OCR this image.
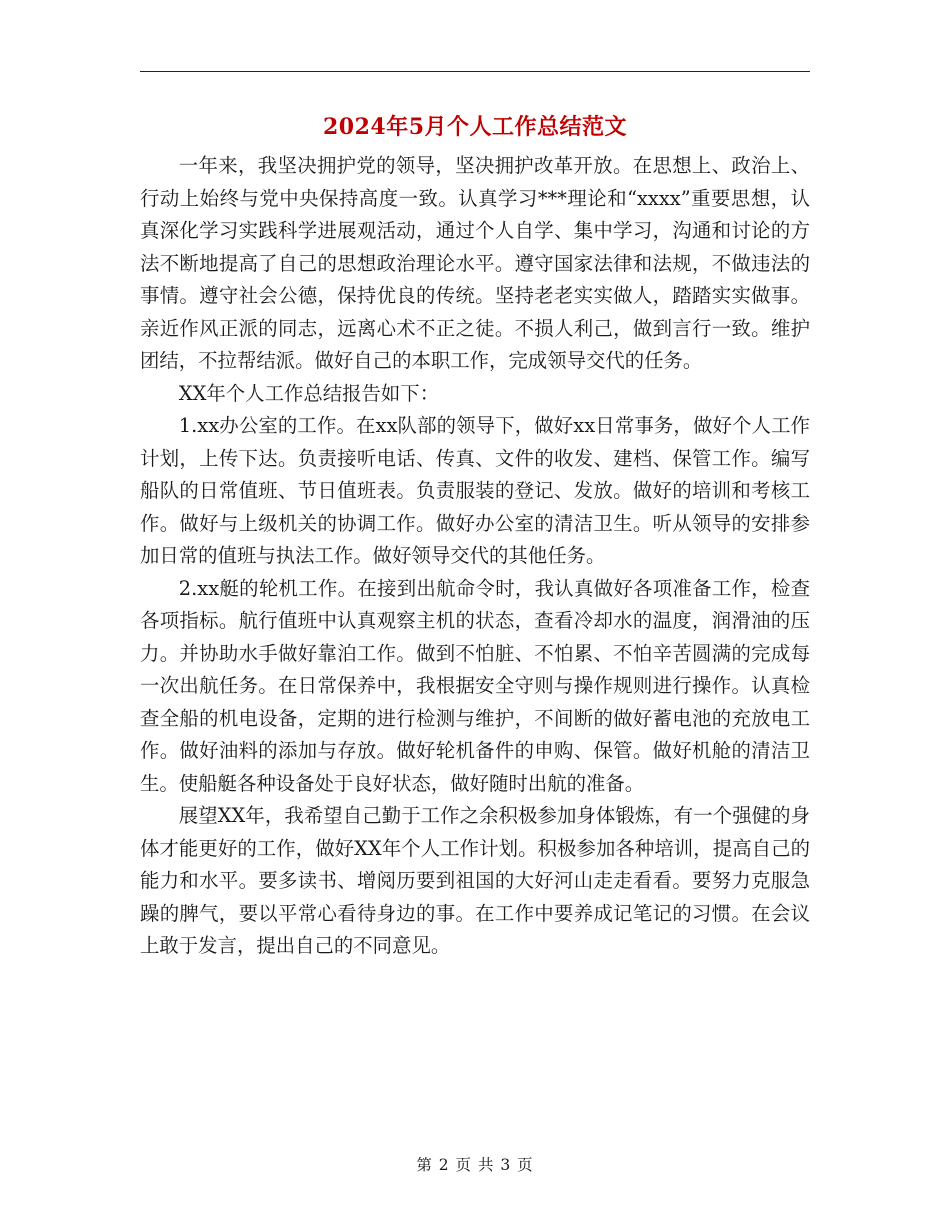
2024年5月个人工作总结范文

一年来，我坚决拥护党的领导，坚决拥护改革开放。在思想上、政治上、行动上始终与党中央保持高度一致。认真学习***理论和“xxxx”重要思想，认真深化学习实践科学进展观活动，通过个人自学、集中学习，沟通和讨论的方法不断地提高了自己的思想政治理论水平。遵守国家法律和法规，不做违法的事情。遵守社会公德，保持优良的传统。坚持老老实实做人，踏踏实实做事。亲近作风正派的同志，远离心术不正之徒。不损人利己，做到言行一致。维护团结，不拉帮结派。做好自己的本职工作，完成领导交代的任务。

XX年个人工作总结报告如下：

1.xx办公室的工作。在xx队部的领导下，做好xx日常事务，做好个人工作计划，上传下达。负责接听电话、传真、文件的收发、建档、保管工作。编写船队的日常值班、节日值班表。负责服装的登记、发放。做好的培训和考核工作。做好与上级机关的协调工作。做好办公室的清洁卫生。听从领导的安排参加日常的值班与执法工作。做好领导交代的其他任务。

2.xx艇的轮机工作。在接到出航命令时，我认真做好各项准备工作，检查各项指标。航行值班中认真观察主机的状态，查看冷却水的温度，润滑油的压力。并协助水手做好靠泊工作。做到不怕脏、不怕累、不怕辛苦圆满的完成每一次出航任务。在日常保养中，我根据安全守则与操作规则进行操作。认真检查全船的机电设备，定期的进行检测与维护，不间断的做好蓄电池的充放电工作。做好油料的添加与存放。做好轮机备件的申购、保管。做好机舱的清洁卫生。使船艇各种设备处于良好状态，做好随时出航的准备。

展望XX年，我希望自己勤于工作之余积极参加身体锻炼，有一个强健的身体才能更好的工作，做好XX年个人工作计划。积极参加各种培训，提高自己的能力和水平。要多读书、增阅历要到祖国的大好河山走走看看。要努力克服急躁的脾气，要以平常心看待身边的事。在工作中要养成记笔记的习惯。在会议上敢于发言，提出自己的不同意见。

第 2 页 共 3 页
